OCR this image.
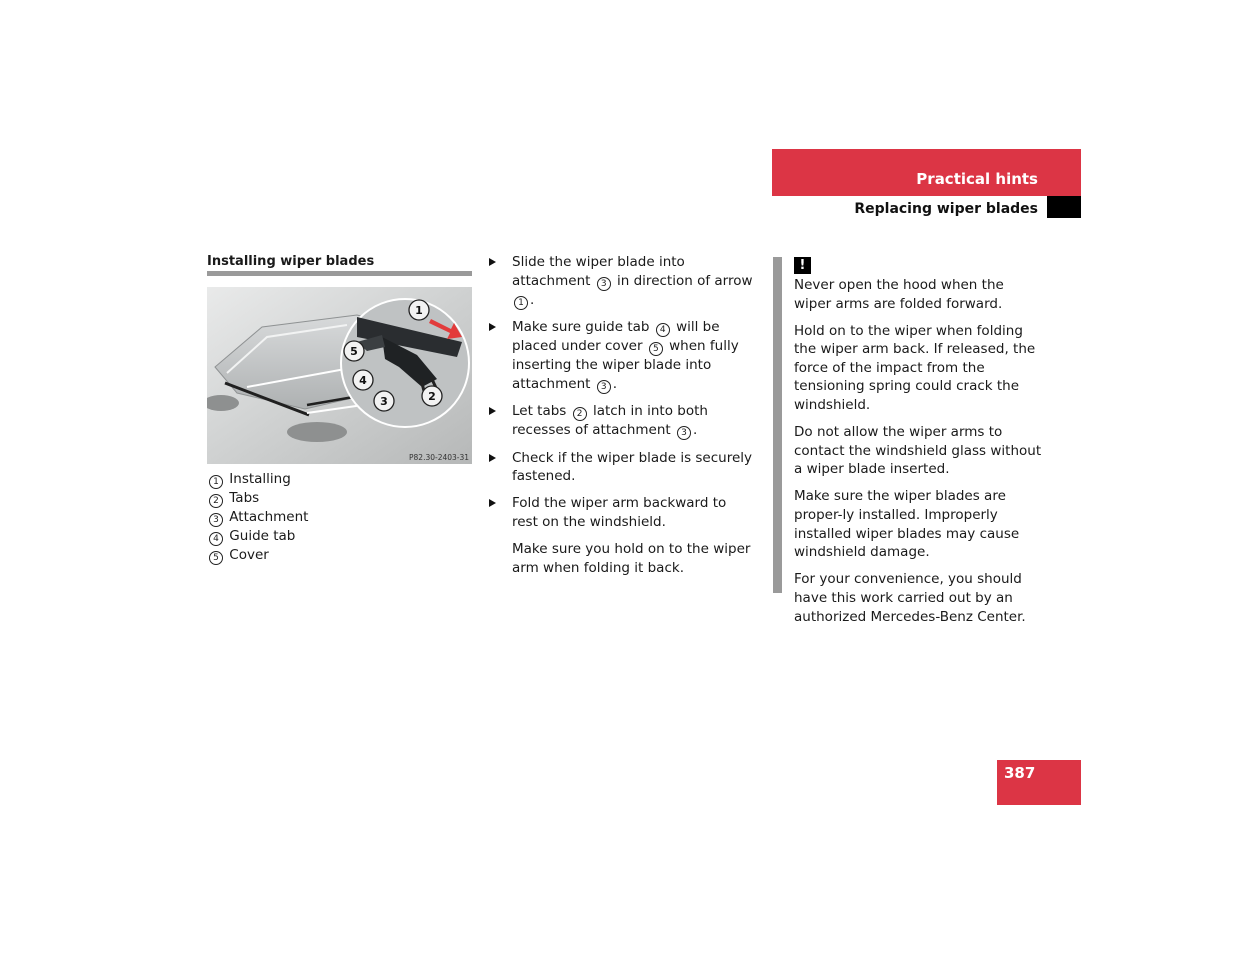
Practical hints
Replacing wiper blades
Installing wiper blades
1
5
4
3	2
P82.30-2403-31
1 Installing
2 Tabs
3 Attachment
4 Guide tab
5 Cover

Slide the wiper blade into attachment 3 in direction of arrow 1 .

Make sure guide tab 4 will be placed under cover 5 when fully inserting the wiper blade into attachment 3 .

Let tabs 2 latch in into both recesses of attachment 3 .

Check if the wiper blade is securely fastened.

Fold the wiper arm backward to rest on the windshield.

Make sure you hold on to the wiper arm when folding it back.

!

Never open the hood when the wiper arms are folded forward.

Hold on to the wiper when folding the wiper arm back. If released, the force of the impact from the tensioning spring could crack the windshield.

Do not allow the wiper arms to contact the windshield glass without a wiper blade inserted.

Make sure the wiper blades are proper-ly installed. Improperly installed wiper blades may cause windshield damage.

For your convenience, you should have this work carried out by an authorized Mercedes-Benz Center.

387
